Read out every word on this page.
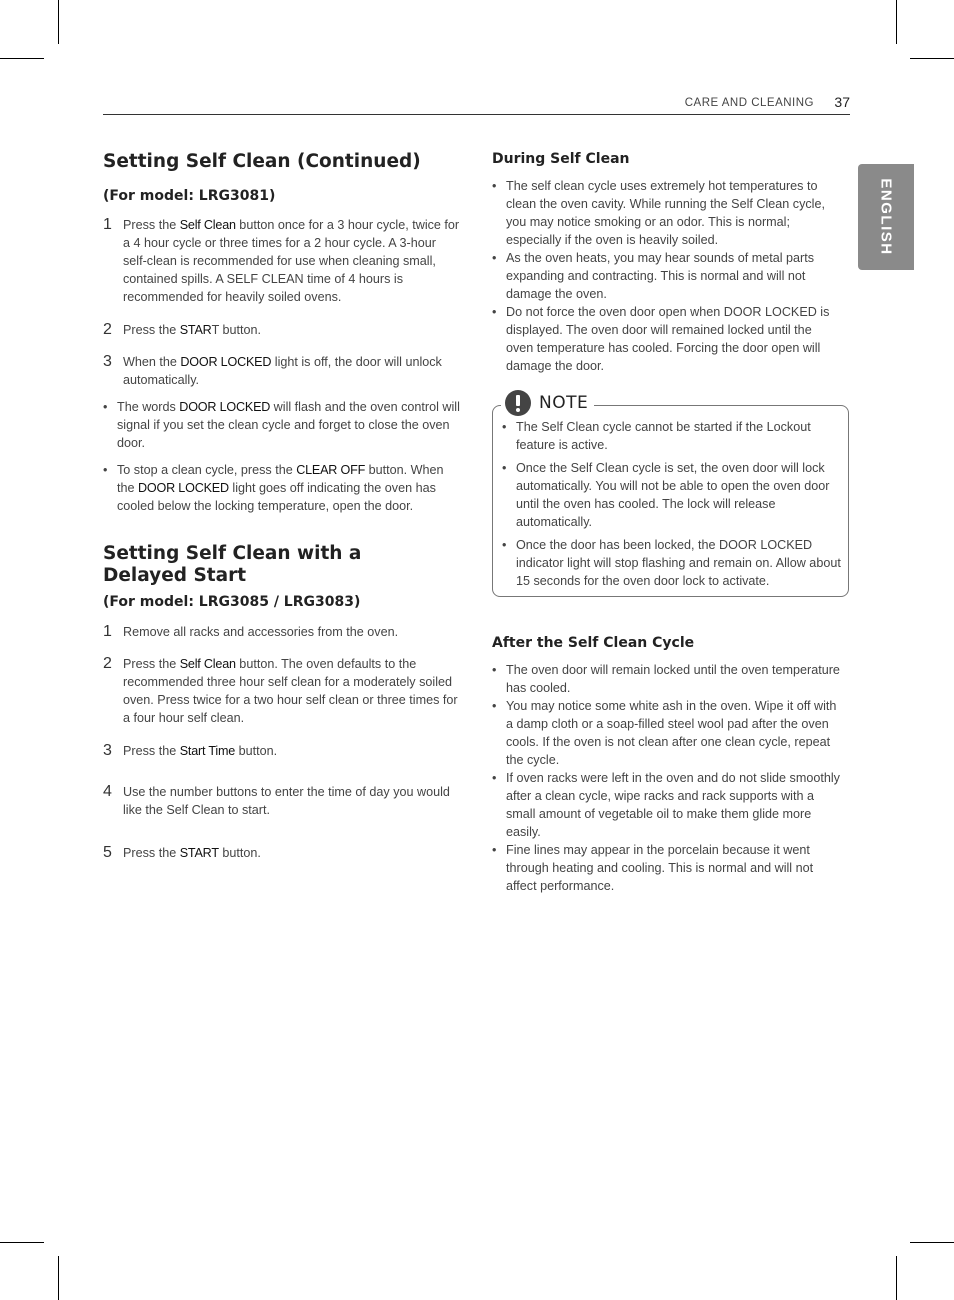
CARE AND CLEANING 37
ENGLISH
Setting Self Clean (Continued)
(For model: LRG3081)
1 Press the Self Clean button once for a 3 hour cycle, twice for a 4 hour cycle or three times for a 2 hour cycle. A 3-hour self-clean is recommended for use when cleaning small, contained spills. A SELF CLEAN time of 4 hours is recommended for heavily soiled ovens.

2 Press the START button.

3 When the DOOR LOCKED light is off, the door will unlock automatically.

• The words DOOR LOCKED will flash and the oven control will signal if you set the clean cycle and forget to close the oven door.

• To stop a clean cycle, press the CLEAR OFF button. When the DOOR LOCKED light goes off indicating the oven has cooled below the locking temperature, open the door.

Setting Self Clean with a Delayed Start
(For model: LRG3085 / LRG3083)
1 Remove all racks and accessories from the oven.

2 Press the Self Clean button. The oven defaults to the recommended three hour self clean for a moderately soiled oven. Press twice for a two hour self clean or three times for a four hour self clean.

3 Press the Start Time button.

4 Use the number buttons to enter the time of day you would like the Self Clean to start.

5 Press the START button.

During Self Clean
• The self clean cycle uses extremely hot temperatures to clean the oven cavity. While running the Self Clean cycle, you may notice smoking or an odor. This is normal; especially if the oven is heavily soiled.

• As the oven heats, you may hear sounds of metal parts expanding and contracting. This is normal and will not damage the oven.

• Do not force the oven door open when DOOR LOCKED is displayed. The oven door will remained locked until the oven temperature has cooled. Forcing the door open will damage the door.

NOTE
• The Self Clean cycle cannot be started if the Lockout feature is active.

• Once the Self Clean cycle is set, the oven door will lock automatically. You will not be able to open the oven door until the oven has cooled. The lock will release automatically.

• Once the door has been locked, the DOOR LOCKED indicator light will stop flashing and remain on. Allow about 15 seconds for the oven door lock to activate.

After the Self Clean Cycle
• The oven door will remain locked until the oven temperature has cooled.

• You may notice some white ash in the oven. Wipe it off with a damp cloth or a soap-filled steel wool pad after the oven cools. If the oven is not clean after one clean cycle, repeat the cycle.

• If oven racks were left in the oven and do not slide smoothly after a clean cycle, wipe racks and rack supports with a small amount of vegetable oil to make them glide more easily.

• Fine lines may appear in the porcelain because it went through heating and cooling. This is normal and will not affect performance.
